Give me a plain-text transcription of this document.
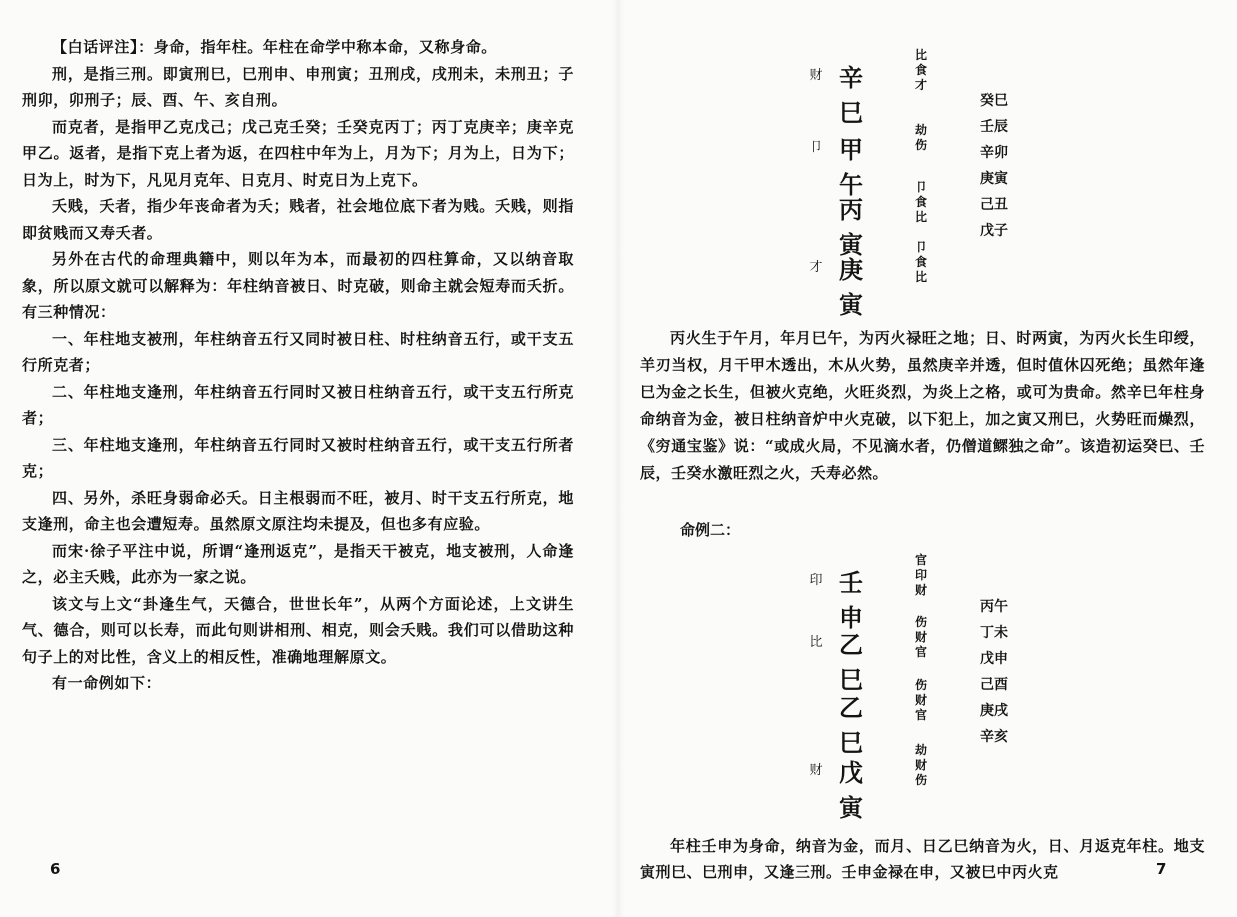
【白话评注】：身命，指年柱。年柱在命学中称本命，又称身命。

刑，是指三刑。即寅刑巳，巳刑申、申刑寅；丑刑戌，戌刑未，未刑丑；子刑卯，卯刑子；辰、酉、午、亥自刑。

而克者，是指甲乙克戊己；戊己克壬癸；壬癸克丙丁；丙丁克庚辛；庚辛克甲乙。返者，是指下克上者为返，在四柱中年为上，月为下；月为上，日为下；日为上，时为下，凡见月克年、日克月、时克日为上克下。

夭贱，夭者，指少年丧命者为夭；贱者，社会地位底下者为贱。夭贱，则指即贫贱而又寿夭者。

另外在古代的命理典籍中，则以年为本，而最初的四柱算命，又以纳音取象，所以原文就可以解释为：年柱纳音被日、时克破，则命主就会短寿而夭折。有三种情况：

一、年柱地支被刑，年柱纳音五行又同时被日柱、时柱纳音五行，或干支五行所克者；

二、年柱地支逢刑，年柱纳音五行同时又被日柱纳音五行，或干支五行所克者；

三、年柱地支逢刑，年柱纳音五行同时又被时柱纳音五行，或干支五行所者克；

四、另外，杀旺身弱命必夭。日主根弱而不旺，被月、时干支五行所克，地支逢刑，命主也会遭短寿。虽然原文原注均未提及，但也多有应验。

而宋·徐子平注中说，所谓“逢刑返克”，是指天干被克，地支被刑，人命逢之，必主夭贱，此亦为一家之说。

该文与上文“卦逢生气，天德合，世世长年”，从两个方面论述，上文讲生气、德合，则可以长寿，而此句则讲相刑、相克，则会夭贱。我们可以借助这种句子上的对比性，含义上的相反性，准确地理解原文。

有一命例如下：

6
财 辛巳
比
食
才
卩 甲午
劫
伤
丙寅
卩
食
比
才 庚寅
卩
食
比
癸巳
壬辰
辛卯
庚寅
己丑
戊子

丙火生于午月，年月巳午，为丙火禄旺之地；日、时两寅，为丙火长生印绶，羊刃当权，月干甲木透出，木从火势，虽然庚辛并透，但时值休囚死绝；虽然年逢巳为金之长生，但被火克绝，火旺炎烈，为炎上之格，或可为贵命。然辛巳年柱身命纳音为金，被日柱纳音炉中火克破，以下犯上，加之寅又刑巳，火势旺而燥烈，《穷通宝鉴》说：“或成火局，不见滴水者，仍僧道鳏独之命”。该造初运癸巳、壬辰，壬癸水激旺烈之火，夭寿必然。

命例二：
印 壬申
官
印
财
比 乙巳
伤
财
官
乙巳
伤
财
官
财 戊寅
劫
财
伤
丙午
丁未
戊申
己酉
庚戌
辛亥

年柱壬申为身命，纳音为金，而月、日乙巳纳音为火，日、月返克年柱。地支寅刑巳、巳刑申，又逢三刑。壬申金禄在申，又被巳中丙火克	7
